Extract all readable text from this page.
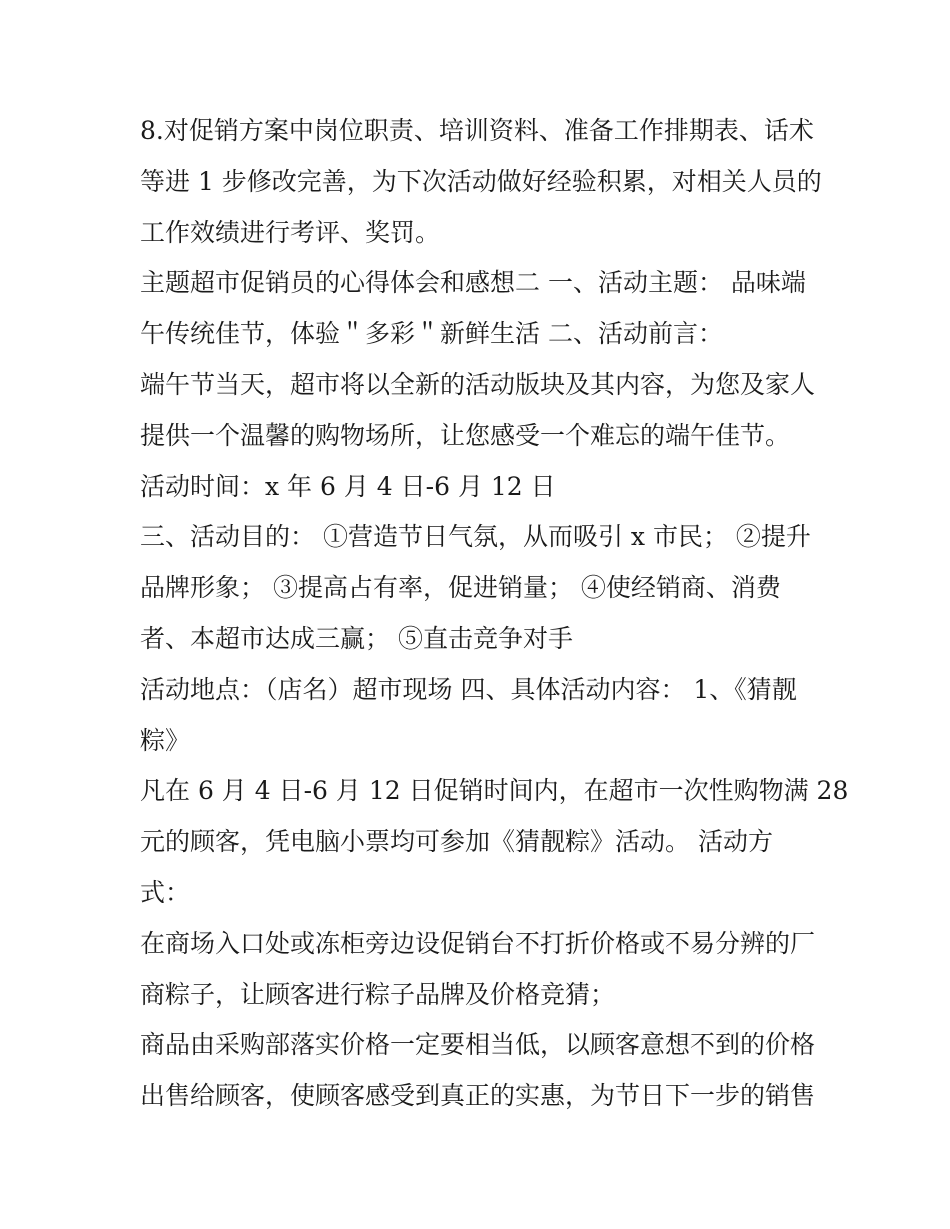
8.对促销方案中岗位职责、培训资料、准备工作排期表、话术
等进 1 步修改完善，为下次活动做好经验积累，对相关人员的
工作效绩进行考评、奖罚。
主题超市促销员的心得体会和感想二 一、活动主题： 品味端
午传统佳节，体验＂多彩＂新鲜生活 二、活动前言：
端午节当天，超市将以全新的活动版块及其内容，为您及家人
提供一个温馨的购物场所，让您感受一个难忘的端午佳节。
活动时间：x 年 6 月 4 日-6 月 12 日
三、活动目的： ①营造节日气氛，从而吸引 x 市民； ②提升
品牌形象； ③提高占有率，促进销量； ④使经销商、消费
者、本超市达成三赢； ⑤直击竞争对手
活动地点：（店名）超市现场 四、具体活动内容： 1、《猜靓
粽》
凡在 6 月 4 日-6 月 12 日促销时间内，在超市一次性购物满 28
元的顾客，凭电脑小票均可参加《猜靓粽》活动。 活动方
式：
在商场入口处或冻柜旁边设促销台不打折价格或不易分辨的厂
商粽子，让顾客进行粽子品牌及价格竞猜；
商品由采购部落实价格一定要相当低，以顾客意想不到的价格
出售给顾客，使顾客感受到真正的实惠，为节日下一步的销售
